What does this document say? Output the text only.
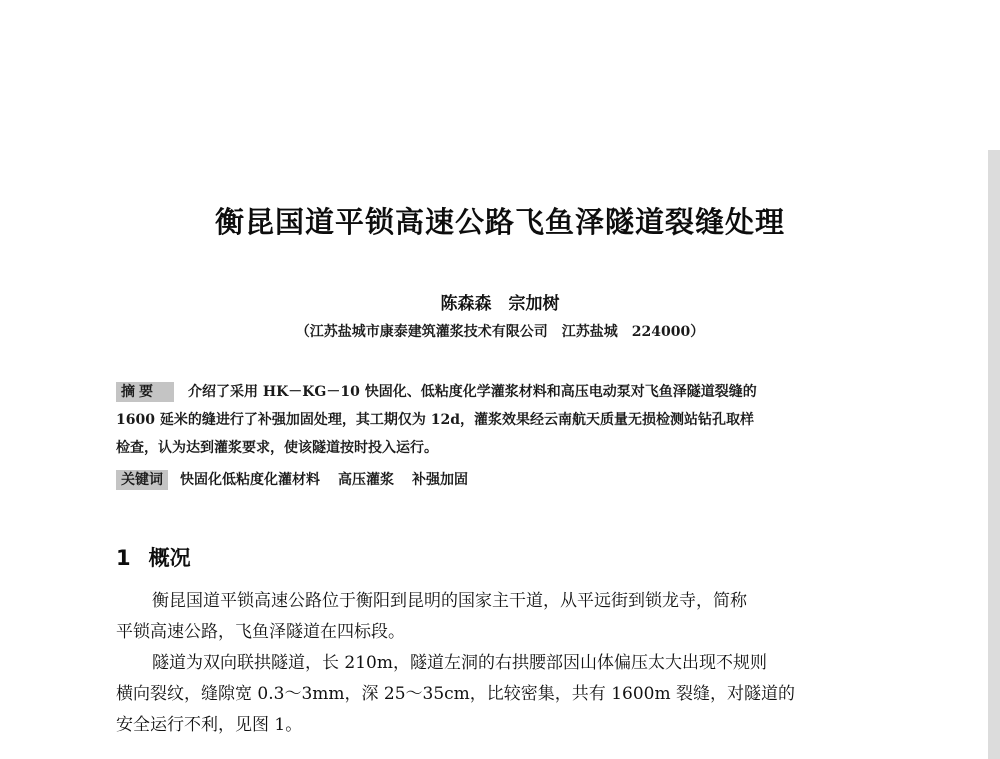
衡昆国道平锁高速公路飞鱼泽隧道裂缝处理
陈森森　宗加树
（江苏盐城市康泰建筑灌浆技术有限公司　江苏盐城　224000）
摘要 介绍了采用 HK－KG－10 快固化、低粘度化学灌浆材料和高压电动泵对飞鱼泽隧道裂缝的
1600 延米的缝进行了补强加固处理，其工期仅为 12d，灌浆效果经云南航天质量无损检测站钻孔取样
检查，认为达到灌浆要求，使该隧道按时投入运行。
关键词 快固化低粘度化灌材料 高压灌浆 补强加固
1 概况
衡昆国道平锁高速公路位于衡阳到昆明的国家主干道，从平远街到锁龙寺，简称
平锁高速公路，飞鱼泽隧道在四标段。
隧道为双向联拱隧道，长 210m，隧道左洞的右拱腰部因山体偏压太大出现不规则
横向裂纹，缝隙宽 0.3～3mm，深 25～35cm，比较密集，共有 1600m 裂缝，对隧道的
安全运行不利，见图 1。
